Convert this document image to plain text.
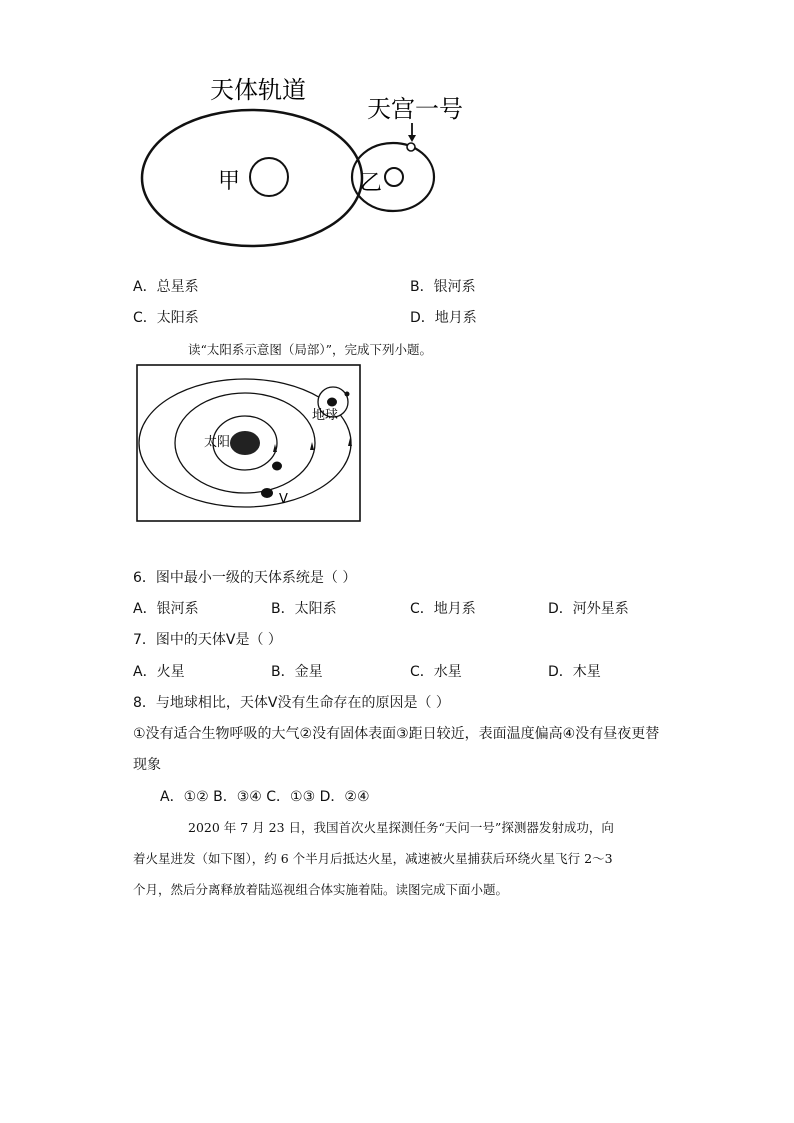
天体轨道
天宫一号
甲	乙
A．总星系	B．银河系
C．太阳系	D．地月系
读“太阳系示意图（局部）”，完成下列小题。
太阳
地球
V
6．图中最小一级的天体系统是（ ）
A．银河系	B．太阳系	C．地月系	D．河外星系
7．图中的天体V是（ ）
A．火星	B．金星	C．水星	D．木星
8．与地球相比，天体V没有生命存在的原因是（ ）
①没有适合生物呼吸的大气②没有固体表面③距日较近，表面温度偏高④没有昼夜更替
现象
A．①② B．③④ C．①③ D．②④
2020 年 7 月 23 日，我国首次火星探测任务“天问一号”探测器发射成功，向
着火星进发（如下图），约 6 个半月后抵达火星，减速被火星捕获后环绕火星飞行 2～3
个月，然后分离释放着陆巡视组合体实施着陆。读图完成下面小题。
